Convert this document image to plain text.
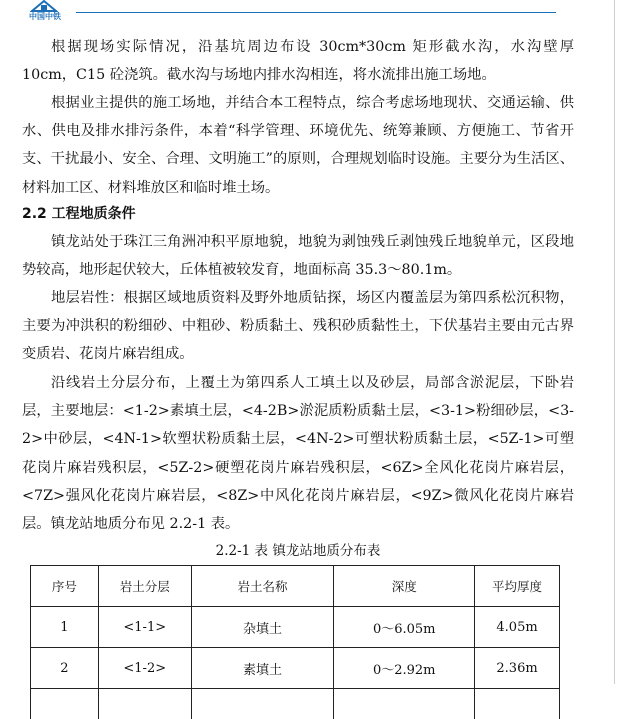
中国中铁

根据现场实际情况，沿基坑周边布设 30cm*30cm 矩形截水沟，水沟壁厚 10cm，C15 砼浇筑。截水沟与场地内排水沟相连，将水流排出施工场地。

根据业主提供的施工场地，并结合本工程特点，综合考虑场地现状、交通运输、供水、供电及排水排污条件，本着“科学管理、环境优先、统筹兼顾、方便施工、节省开支、干扰最小、安全、合理、文明施工”的原则，合理规划临时设施。主要分为生活区、材料加工区、材料堆放区和临时堆土场。

2.2 工程地质条件

镇龙站处于珠江三角洲冲积平原地貌，地貌为剥蚀残丘剥蚀残丘地貌单元，区段地势较高，地形起伏较大，丘体植被较发育，地面标高 35.3～80.1m。

地层岩性：根据区域地质资料及野外地质钻探，场区内覆盖层为第四系松沉积物，主要为冲洪积的粉细砂、中粗砂、粉质黏土、残积砂质黏性土，下伏基岩主要由元古界变质岩、花岗片麻岩组成。

沿线岩土分层分布，上覆土为第四系人工填土以及砂层，局部含淤泥层，下卧岩层，主要地层：<1-2>素填土层，<4-2B>淤泥质粉质黏土层，<3-1>粉细砂层，<3-2>中砂层，<4N-1>软塑状粉质黏土层，<4N-2>可塑状粉质黏土层，<5Z-1>可塑花岗片麻岩残积层，<5Z-2>硬塑花岗片麻岩残积层，<6Z>全风化花岗片麻岩层，<7Z>强风化花岗片麻岩层，<8Z>中风化花岗片麻岩层，<9Z>微风化花岗片麻岩层。镇龙站地质分布见 2.2-1 表。

2.2-1 表 镇龙站地质分布表

序号	岩土分层	岩土名称	深度	平均厚度
1	<1-1>	杂填土	0～6.05m	4.05m
2	<1-2>	素填土	0～2.92m	2.36m
